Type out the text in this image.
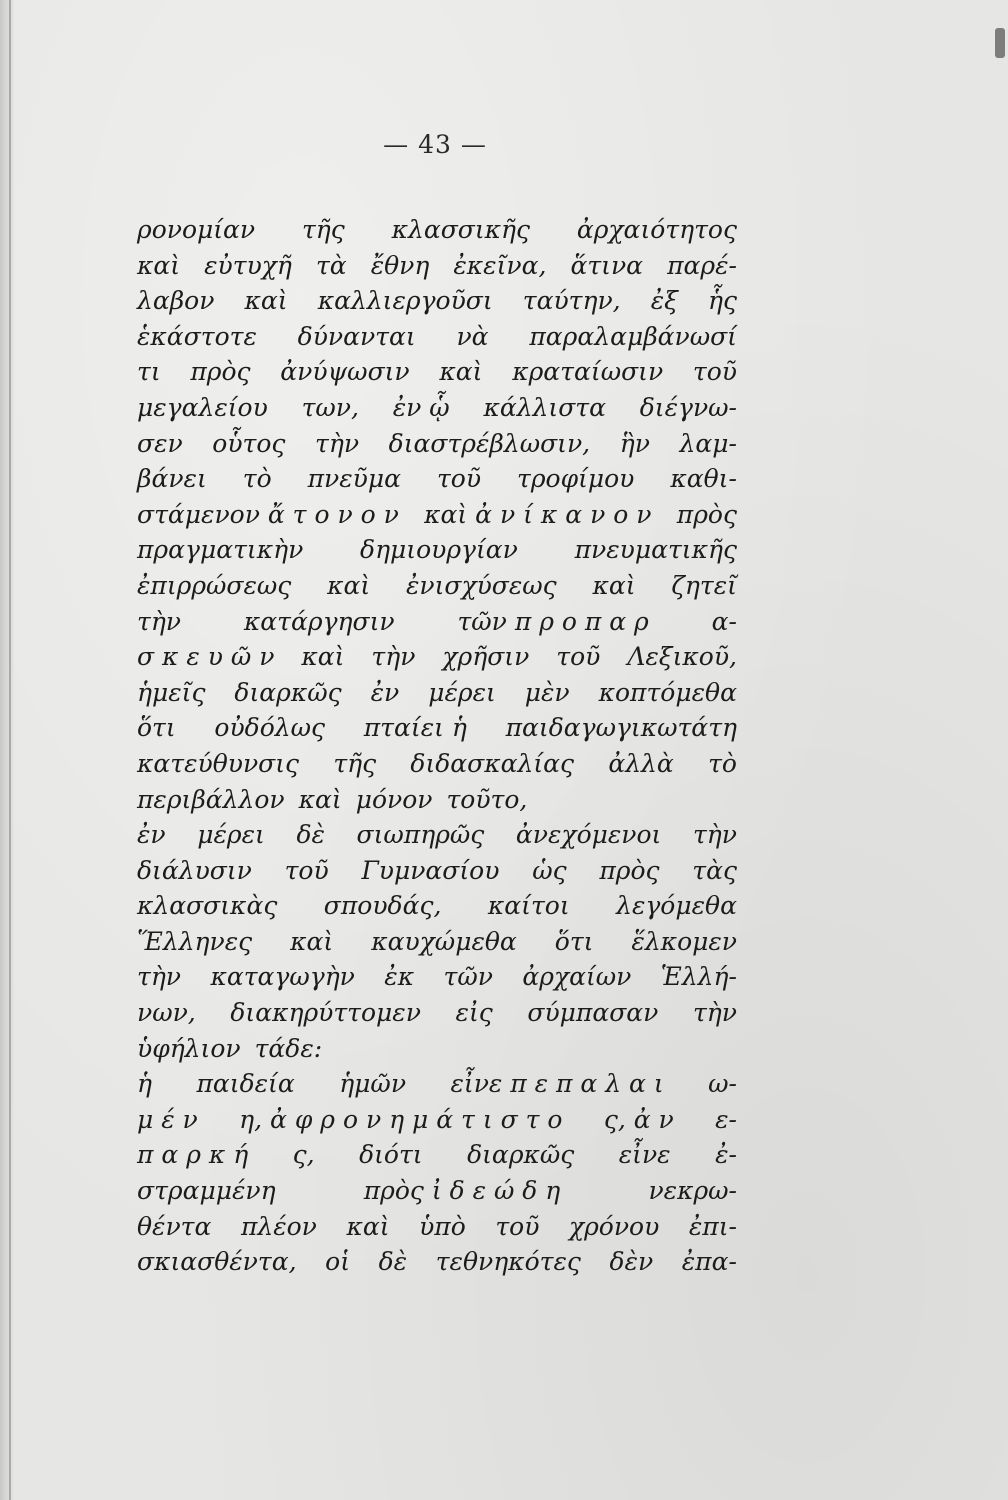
— 43 —
ρονομίαν τῆς κλασσικῆς ἀρχαιότητος
καὶ εὐτυχῆ τὰ ἔθνη ἐκεῖνα, ἅτινα παρέ-
λαβον καὶ καλλιεργοῦσι ταύτην, ἐξ ἧς
ἑκάστοτε δύνανται νὰ παραλαμβάνωσί
τι πρὸς ἀνύψωσιν καὶ κραταίωσιν τοῦ
μεγαλείου των, ἐν ᾧ κάλλιστα διέγνω-
σεν οὗτος τὴν διαστρέβλωσιν, ἣν λαμ-
βάνει τὸ πνεῦμα τοῦ τροφίμου καθι-
στάμενον ἄ τ ο ν ο ν καὶ ἀ ν ί κ α ν ο ν πρὸς
πραγματικὴν δημιουργίαν πνευματικῆς
ἐπιρρώσεως καὶ ἐνισχύσεως καὶ ζητεῖ
τὴν	κατάργησιν	τῶν π ρ ο π α ρ	α-
σ κ ε υ ῶ ν καὶ τὴν χρῆσιν τοῦ Λεξικοῦ,
ἡμεῖς διαρκῶς ἐν μέρει μὲν κοπτόμεθα
ὅτι οὐδόλως πταίει ἡ παιδαγωγικωτάτη
κατεύθυνσις τῆς διδασκαλίας ἀλλὰ τὸ
περιβάλλον καὶ μόνον τοῦτο,
ἐν μέρει δὲ σιωπηρῶς ἀνεχόμενοι τὴν
διάλυσιν τοῦ Γυμνασίου ὡς πρὸς τὰς
κλασσικὰς σπουδάς, καίτοι λεγόμεθα
Ἕλληνες καὶ καυχώμεθα ὅτι ἕλκομεν
τὴν καταγωγὴν ἐκ τῶν ἀρχαίων Ἑλλή-
νων, διακηρύττομεν εἰς σύμπασαν τὴν
ὑφήλιον τάδε:
ἡ παιδεία ἡμῶν εἶνε π ε π α λ α ι ω-
μ έ ν η, ἀ φ ρ ο ν η μ ά τ ι σ τ ο ς, ἀ ν ε-
π α ρ κ ή ς, διότι διαρκῶς εἶνε ἐ-
στραμμένη	πρὸς ἰ δ ε ώ δ η	νεκρω-
θέντα πλέον καὶ ὑπὸ τοῦ χρόνου ἐπι-
σκιασθέντα, οἱ δὲ τεθνηκότες δὲν ἐπα-
